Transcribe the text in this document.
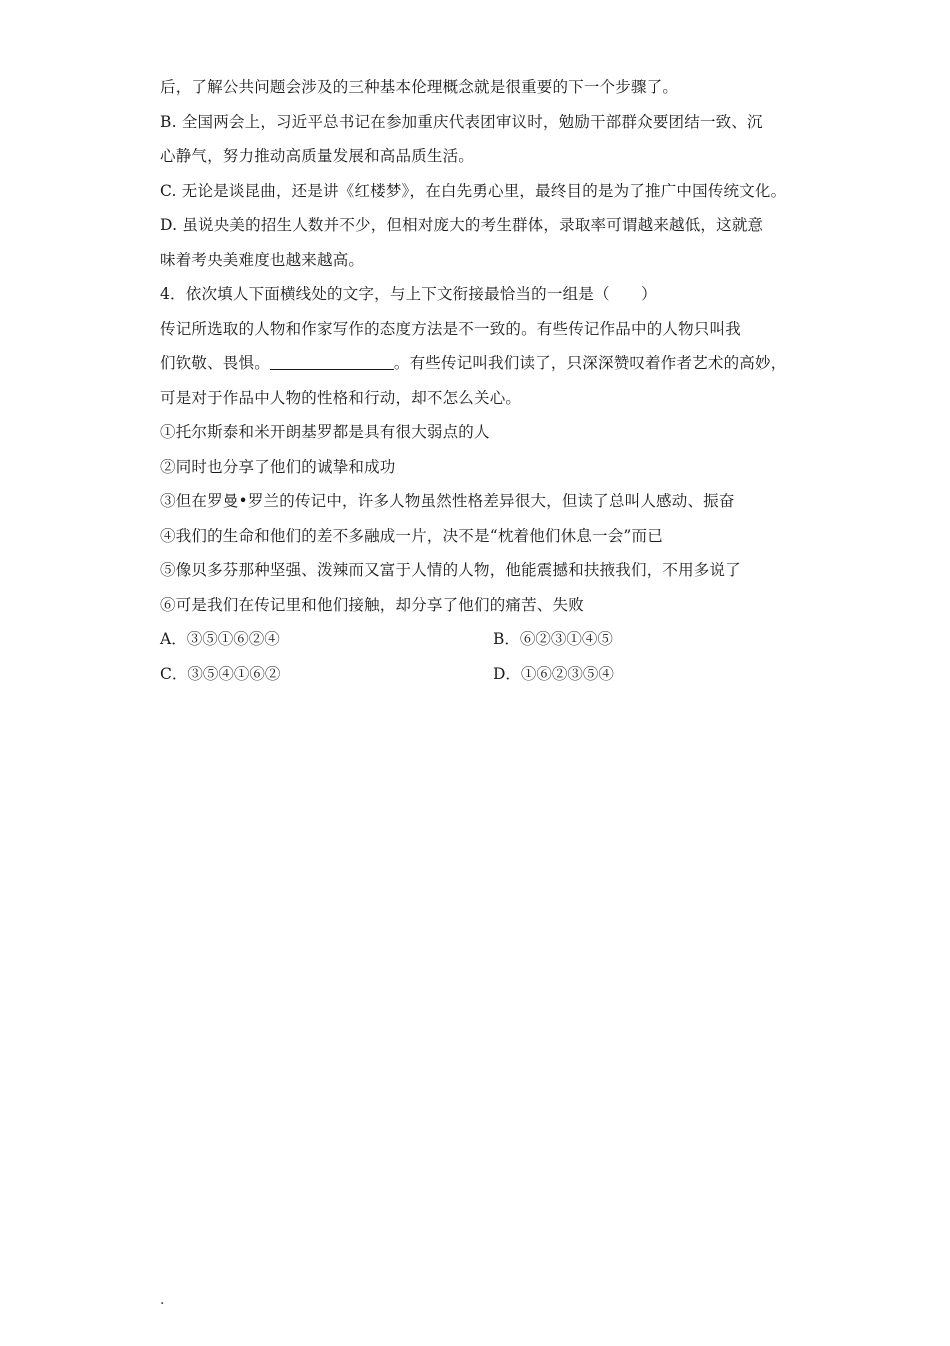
后，了解公共问题会涉及的三种基本伦理概念就是很重要的下一个步骤了。
B. 全国两会上，习近平总书记在参加重庆代表团审议时，勉励干部群众要团结一致、沉
心静气，努力推动高质量发展和高品质生活。
C. 无论是谈昆曲，还是讲《红楼梦》，在白先勇心里，最终目的是为了推广中国传统文化。
D. 虽说央美的招生人数并不少，但相对庞大的考生群体，录取率可谓越来越低，这就意
味着考央美难度也越来越高。
4．依次填人下面横线处的文字，与上下文衔接最恰当的一组是（　　）
传记所选取的人物和作家写作的态度方法是不一致的。有些传记作品中的人物只叫我
们钦敬、畏惧。	。有些传记叫我们读了，只深深赞叹着作者艺术的高妙，
可是对于作品中人物的性格和行动，却不怎么关心。
①托尔斯泰和米开朗基罗都是具有很大弱点的人
②同时也分享了他们的诚挚和成功
③但在罗曼•罗兰的传记中，许多人物虽然性格差异很大，但读了总叫人感动、振奋
④我们的生命和他们的差不多融成一片，决不是“枕着他们休息一会”而已
⑤像贝多芬那种坚强、泼辣而又富于人情的人物，他能震撼和扶掖我们，不用多说了
⑥可是我们在传记里和他们接触，却分享了他们的痛苦、失败
A．③⑤①⑥②④	B．⑥②③①④⑤
C．③⑤④①⑥②	D．①⑥②③⑤④
.
